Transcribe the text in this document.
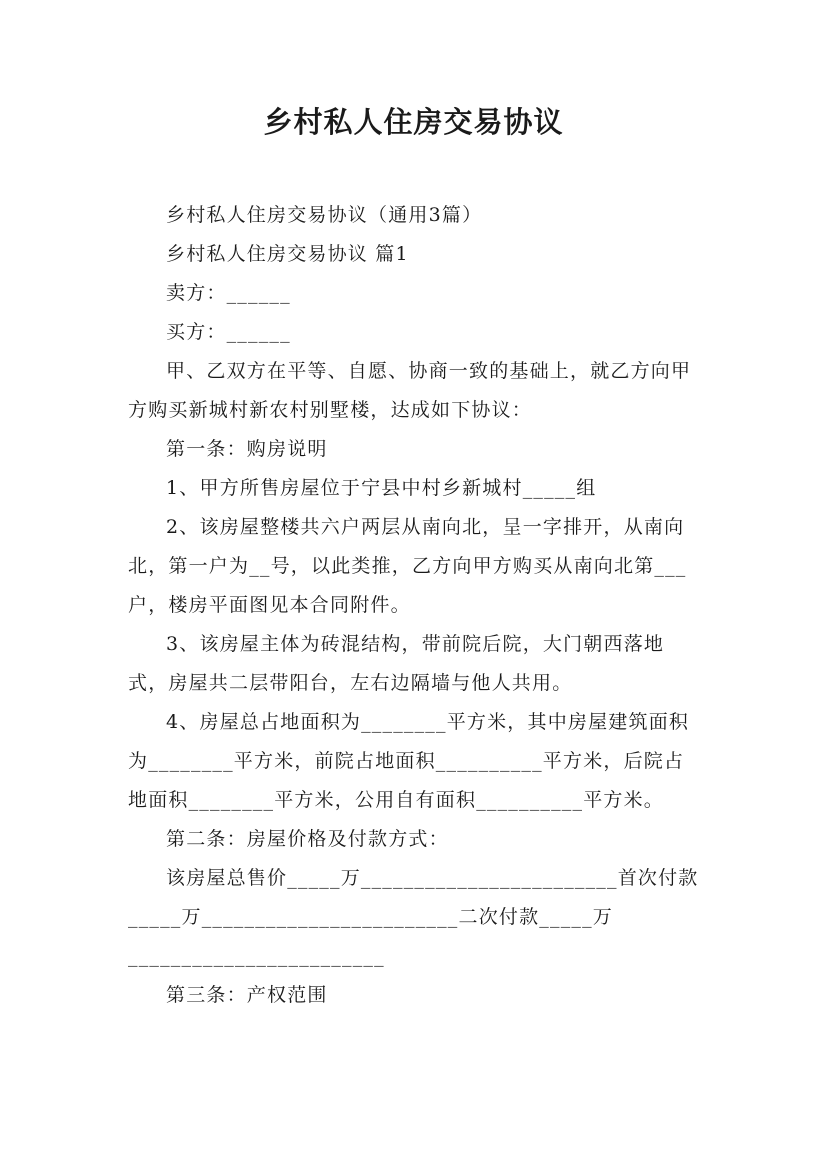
乡村私人住房交易协议

乡村私人住房交易协议（通用3篇）

乡村私人住房交易协议 篇1

卖方：______

买方：______

甲、乙双方在平等、自愿、协商一致的基础上，就乙方向甲方购买新城村新农村别墅楼，达成如下协议：

第一条：购房说明

1、甲方所售房屋位于宁县中村乡新城村_____组

2、该房屋整楼共六户两层从南向北，呈一字排开，从南向北，第一户为__号，以此类推，乙方向甲方购买从南向北第___户，楼房平面图见本合同附件。

3、该房屋主体为砖混结构，带前院后院，大门朝西落地式，房屋共二层带阳台，左右边隔墙与他人共用。

4、房屋总占地面积为________平方米，其中房屋建筑面积为________平方米，前院占地面积__________平方米，后院占地面积________平方米，公用自有面积__________平方米。

第二条：房屋价格及付款方式：

该房屋总售价_____万________________________首次付款_____万________________________二次付款_____万________________________

第三条：产权范围
